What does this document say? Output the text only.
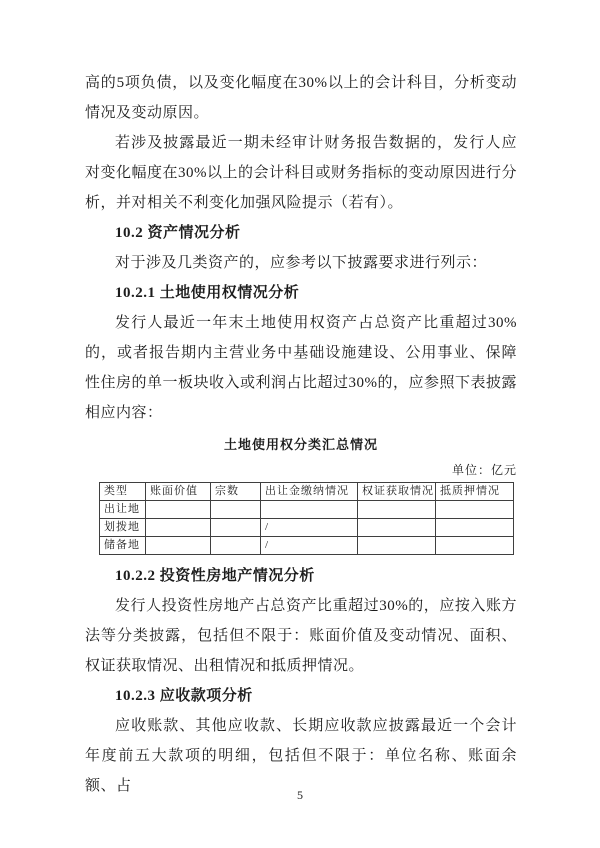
高的5项负债，以及变化幅度在30%以上的会计科目，分析变动情况及变动原因。

若涉及披露最近一期未经审计财务报告数据的，发行人应对变化幅度在30%以上的会计科目或财务指标的变动原因进行分析，并对相关不利变化加强风险提示（若有）。

10.2 资产情况分析

对于涉及几类资产的，应参考以下披露要求进行列示：

10.2.1 土地使用权情况分析

发行人最近一年末土地使用权资产占总资产比重超过30%的，或者报告期内主营业务中基础设施建设、公用事业、保障性住房的单一板块收入或利润占比超过30%的，应参照下表披露相应内容：

土地使用权分类汇总情况
单位：亿元
类型	账面价值	宗数	出让金缴纳情况	权证获取情况	抵质押情况
出让地					
划拨地			/		
储备地			/		

10.2.2 投资性房地产情况分析

发行人投资性房地产占总资产比重超过30%的，应按入账方法等分类披露，包括但不限于：账面价值及变动情况、面积、权证获取情况、出租情况和抵质押情况。

10.2.3 应收款项分析

应收账款、其他应收款、长期应收款应披露最近一个会计年度前五大款项的明细，包括但不限于：单位名称、账面余额、占

5
